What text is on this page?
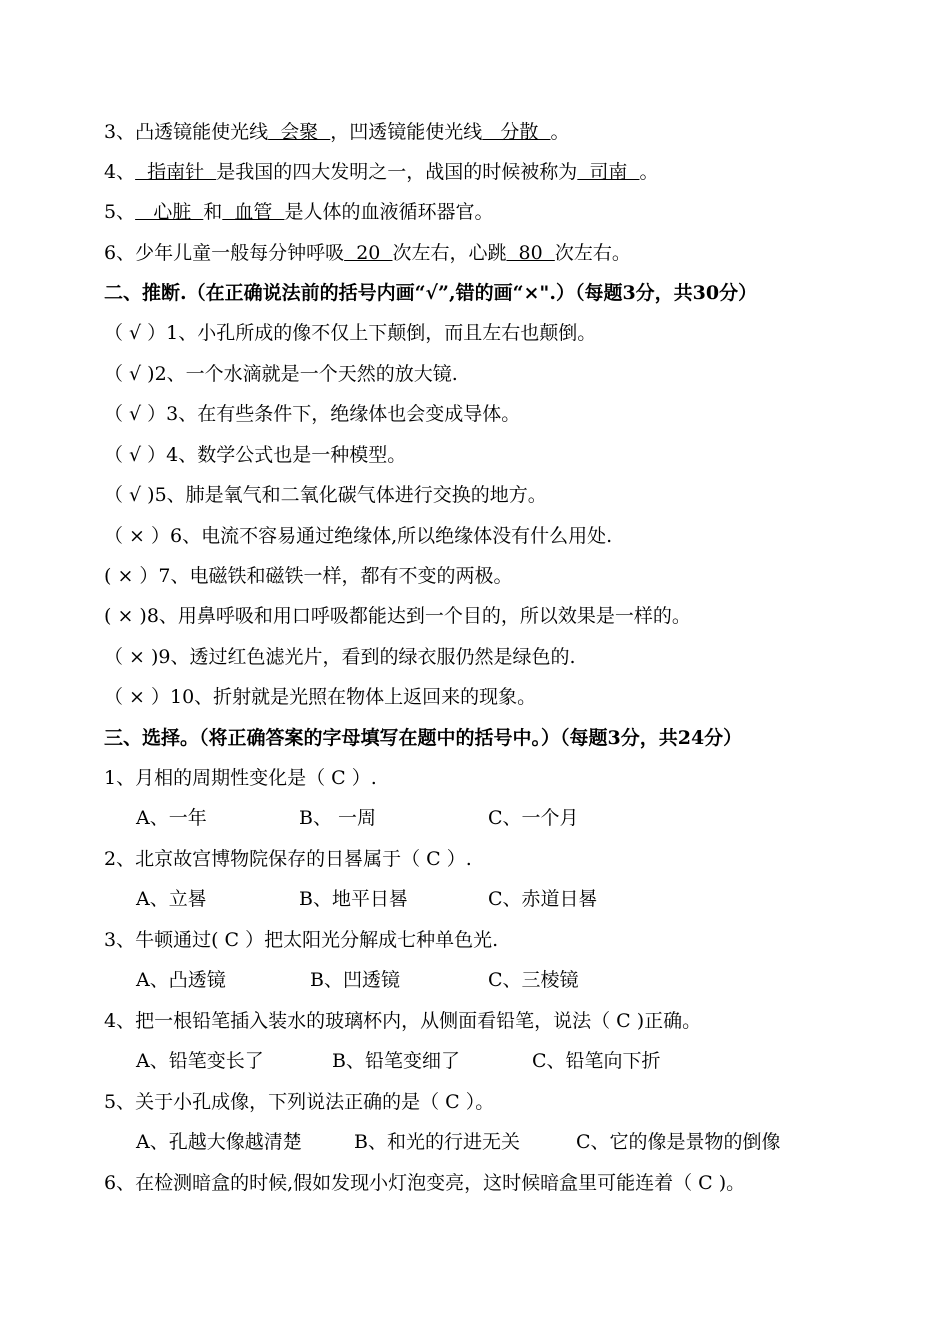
3、凸透镜能使光线  会聚  ，凹透镜能使光线   分散  。
4、  指南针  是我国的四大发明之一，战国的时候被称为  司南  。
5、   心脏  和  血管  是人体的血液循环器官。
6、少年儿童一般每分钟呼吸  20  次左右，心跳  80  次左右。
二、推断.（在正确说法前的括号内画“√”,错的画“×".）（每题3分，共30分）
（ √ ）1、小孔所成的像不仅上下颠倒，而且左右也颠倒。
（ √ )2、一个水滴就是一个天然的放大镜.
（ √ ）3、在有些条件下，绝缘体也会变成导体。
（ √ ）4、数学公式也是一种模型。
（ √ )5、肺是氧气和二氧化碳气体进行交换的地方。
（ × ）6、电流不容易通过绝缘体,所以绝缘体没有什么用处.
( × ）7、电磁铁和磁铁一样，都有不变的两极。
( × )8、用鼻呼吸和用口呼吸都能达到一个目的，所以效果是一样的。
（ × )9、透过红色滤光片，看到的绿衣服仍然是绿色的.
（ × ）10、折射就是光照在物体上返回来的现象。
三、选择。（将正确答案的字母填写在题中的括号中。）（每题3分，共24分）
1、月相的周期性变化是（ C ）.
A、一年	B、 一周	C、一个月
2、北京故宫博物院保存的日晷属于（ C ）.
A、立晷	B、地平日晷	C、赤道日晷
3、牛顿通过( C ）把太阳光分解成七种单色光.
A、凸透镜	B、凹透镜	C、三棱镜
4、把一根铅笔插入装水的玻璃杯内，从侧面看铅笔，说法（ C )正确。
A、铅笔变长了	B、铅笔变细了	C、铅笔向下折
5、关于小孔成像，下列说法正确的是（ C ）。
A、孔越大像越清楚	B、和光的行进无关	C、它的像是景物的倒像
6、在检测暗盒的时候,假如发现小灯泡变亮，这时候暗盒里可能连着（ C )。
